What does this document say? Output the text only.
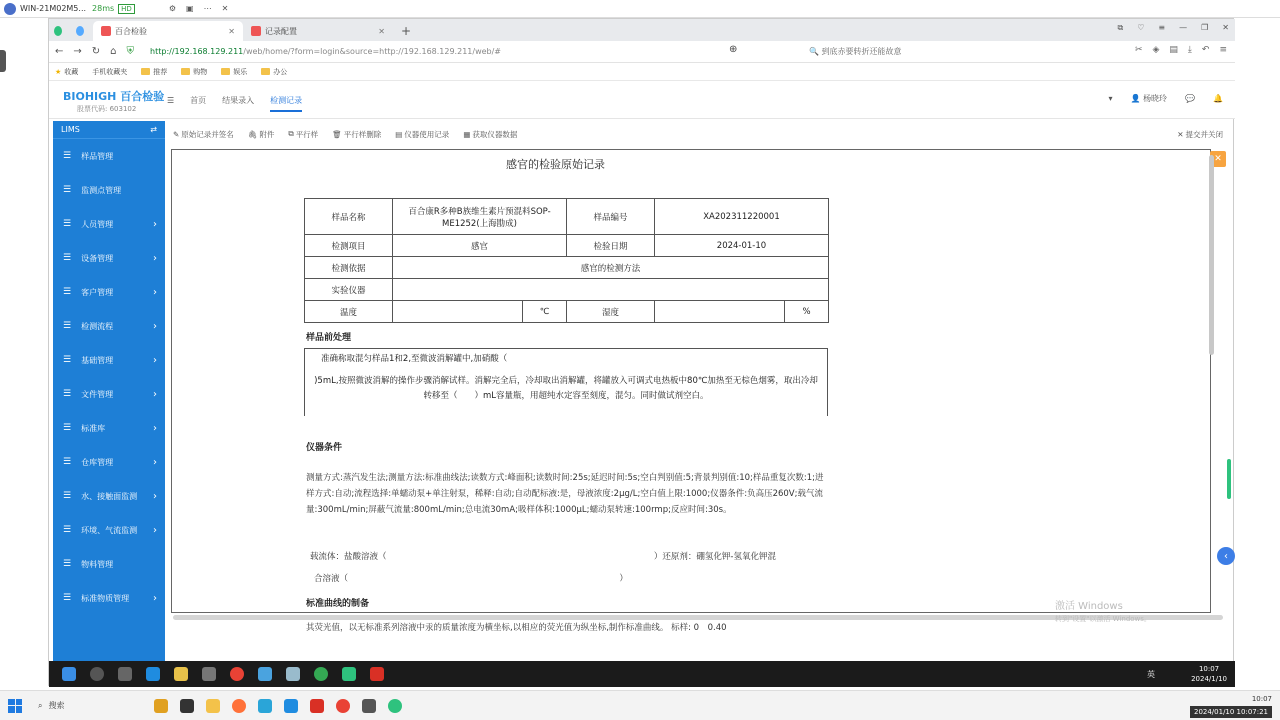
WIN-21M02M5... 28ms	HD	⚙ ▣ ⋯ ✕
百合检验	✕	记录配置	✕	+	⧉ ♡ ≡ — ❐ ✕
← → ↻ ⌂ ⛨ http://192.168.129.211/web/home/?form=login&source=http://192.168.129.211/web/#	⊕	🔍 到底赤要转折还能故意	✂ ◈ ▤ ⤓ ↶ ≡
★ 收藏 手机收藏夹	推荐	购物	娱乐	办公
BIOHIGH 百合检验
股票代码: 603102
☰ 首页 结果录入 检测记录	▾ 👤 杨晓玲 💬 🔔
LIMS	⇄
☰ 样品管理
☰ 监测点管理
☰ 人员管理	›
☰ 设备管理	›
☰ 客户管理	›
☰ 检测流程	›
☰ 基础管理	›
☰ 文件管理	›
☰ 标准库	›
☰ 仓库管理	›
☰ 水、接触面监测 ›
☰ 环境、气流监测 ›
☰ 物料管理
☰ 标准物质管理 ›
✎ 原始记录并签名 🖇 附件 ⧉ 平行样 🗑 平行样删除 ▤ 仪器使用记录 ▦ 获取仪器数据	✕ 提交并关闭
感官的检验原始记录
样品名称	百合康R多种B族维生素片预混料SOP-ME1252(上海勖成)		样品编号	XA202311220001	
检测项目	感官		检验日期	2024-01-10	
检测依据	感官的检测方法				
实验仪器					
温度		℃	湿度		%
样品前处理
准确称取混匀样品1和2,至微波消解罐中,加硝酸（
)5mL,按照微波消解的操作步骤消解试样。消解完全后，冷却取出消解罐，将罐放入可调式电热板中80℃加热至无棕色烟雾，取出冷却转移至（　　）mL容量瓶，用超纯水定容至刻度，混匀。同时做试剂空白。
仪器条件
测量方式:蒸汽发生法;测量方法:标准曲线法;读数方式:峰面积;读数时间:25s;延迟时间:5s;空白判别值:5;背景判别值:10;样品重复次数:1;进样方式:自动;流程选择:单蠕动泵+单注射泵，稀释:自动;自动配标液:是，母液浓度:2μg/L;空白值上限:1000;仪器条件:负高压260V;载气流量:300mL/min;屏蔽气流量:800mL/min;总电流30mA;吸样体积:1000μL;蠕动泵转速:100rmp;反应时间:30s。
载流体：盐酸溶液（	）还原剂：硼氢化钾-氢氧化钾混
合溶液（	）
标准曲线的制备
其荧光值，以无标准系列溶液中汞的质量浓度为横坐标,以相应的荧光值为纵坐标,制作标准曲线。 标样: 0　0.40
✕
‹
激活 Windows
转到"设置"以激活 Windows。
英
10:07
2024/1/10
⌕ 搜索
10:07
2024/01/10 10:07:21
